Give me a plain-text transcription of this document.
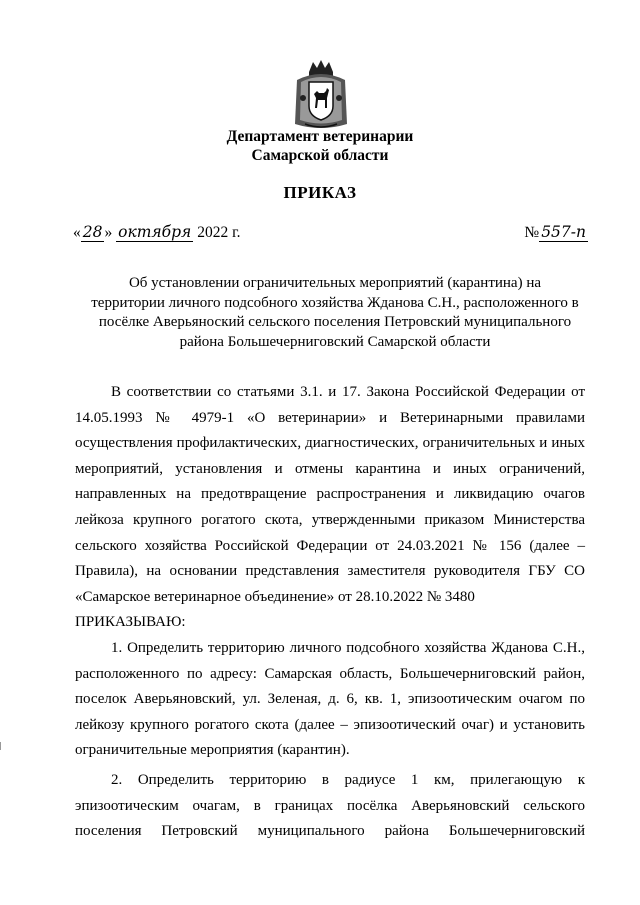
Департамент ветеринарии
Самарской области
ПРИКАЗ
« 28 » октября 2022 г.	№ 557-п
Об установлении ограничительных мероприятий (карантина) на
территории личного подсобного хозяйства Жданова С.Н., расположенного в
посёлке Аверьяноский сельского поселения Петровский муниципального
района Большечерниговский Самарской области

В соответствии со статьями 3.1. и 17. Закона Российской Федерации от 14.05.1993 № 4979-1 «О ветеринарии» и Ветеринарными правилами осуществления профилактических, диагностических, ограничительных и иных мероприятий, установления и отмены карантина и иных ограничений, направленных на предотвращение распространения и ликвидацию очагов лейкоза крупного рогатого скота, утвержденными приказом Министерства сельского хозяйства Российской Федерации от 24.03.2021 № 156 (далее – Правила), на основании представления заместителя руководителя ГБУ СО «Самарское ветеринарное объединение» от 28.10.2022 № 3480

ПРИКАЗЫВАЮ:

1. Определить территорию личного подсобного хозяйства Жданова С.Н., расположенного по адресу: Самарская область, Большечерниговский район, поселок Аверьяновский, ул. Зеленая, д. 6, кв. 1, эпизоотическим очагом по лейкозу крупного рогатого скота (далее – эпизоотический очаг) и установить ограничительные мероприятия (карантин).

2. Определить территорию в радиусе 1 км, прилегающую к эпизоотическим очагам, в границах посёлка Аверьяновский сельского поселения Петровский муниципального района Большечерниговский
